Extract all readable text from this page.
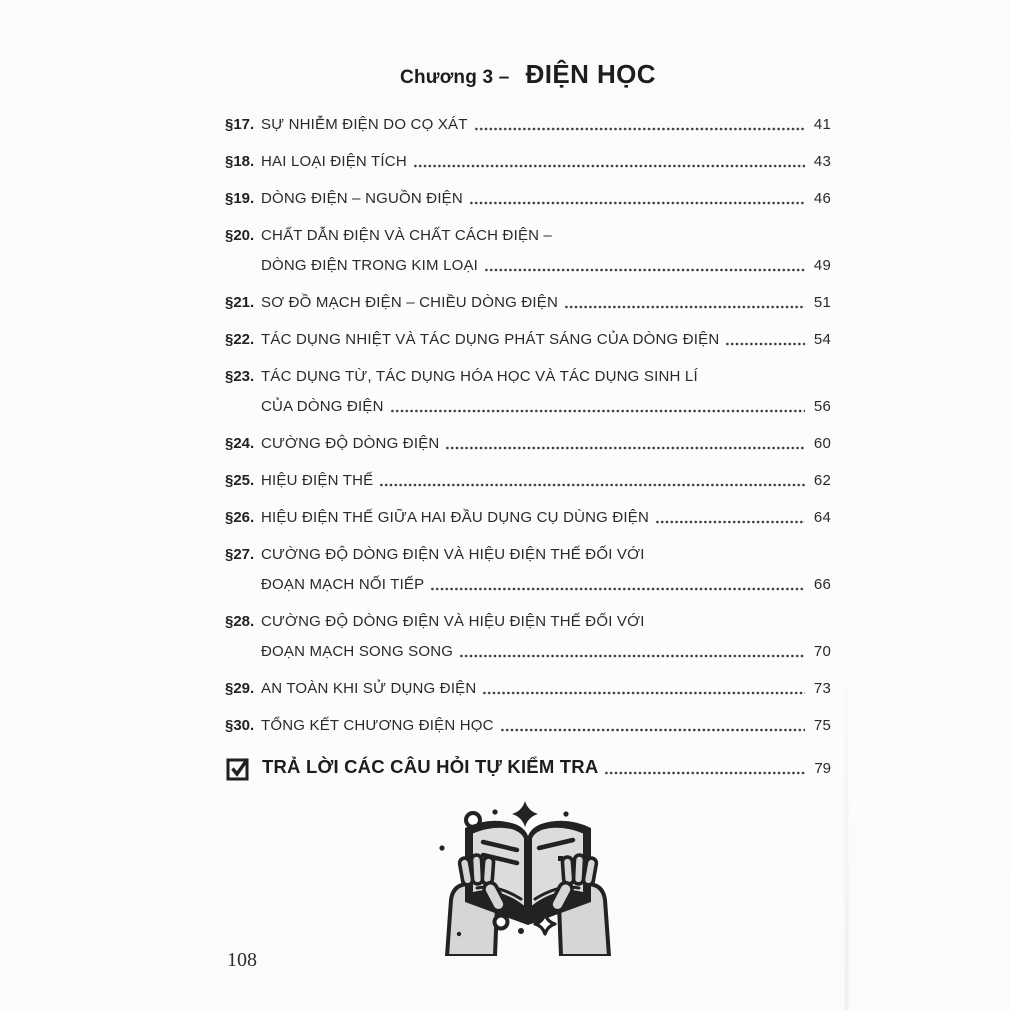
Chương 3 – ĐIỆN HỌC
§17. SỰ NHIỄM ĐIỆN DO CỌ XÁT	41
§18. HAI LOẠI ĐIỆN TÍCH	43
§19. DÒNG ĐIỆN – NGUỒN ĐIỆN	46
§20. CHẤT DẪN ĐIỆN VÀ CHẤT CÁCH ĐIỆN –
DÒNG ĐIỆN TRONG KIM LOẠI	49
§21. SƠ ĐỒ MẠCH ĐIỆN – CHIỀU DÒNG ĐIỆN	51
§22. TÁC DỤNG NHIỆT VÀ TÁC DỤNG PHÁT SÁNG CỦA DÒNG ĐIỆN	54
§23. TÁC DỤNG TỪ, TÁC DỤNG HÓA HỌC VÀ TÁC DỤNG SINH LÍ
CỦA DÒNG ĐIỆN	56
§24. CƯỜNG ĐỘ DÒNG ĐIỆN	60
§25. HIỆU ĐIỆN THẾ	62
§26. HIỆU ĐIỆN THẾ GIỮA HAI ĐẦU DỤNG CỤ DÙNG ĐIỆN	64
§27. CƯỜNG ĐỘ DÒNG ĐIỆN VÀ HIỆU ĐIỆN THẾ ĐỐI VỚI
ĐOẠN MẠCH NỐI TIẾP	66
§28. CƯỜNG ĐỘ DÒNG ĐIỆN VÀ HIỆU ĐIỆN THẾ ĐỐI VỚI
ĐOẠN MẠCH SONG SONG	70
§29. AN TOÀN KHI SỬ DỤNG ĐIỆN	73
§30. TỔNG KẾT CHƯƠNG ĐIỆN HỌC	75
TRẢ LỜI CÁC CÂU HỎI TỰ KIỂM TRA	79
108
